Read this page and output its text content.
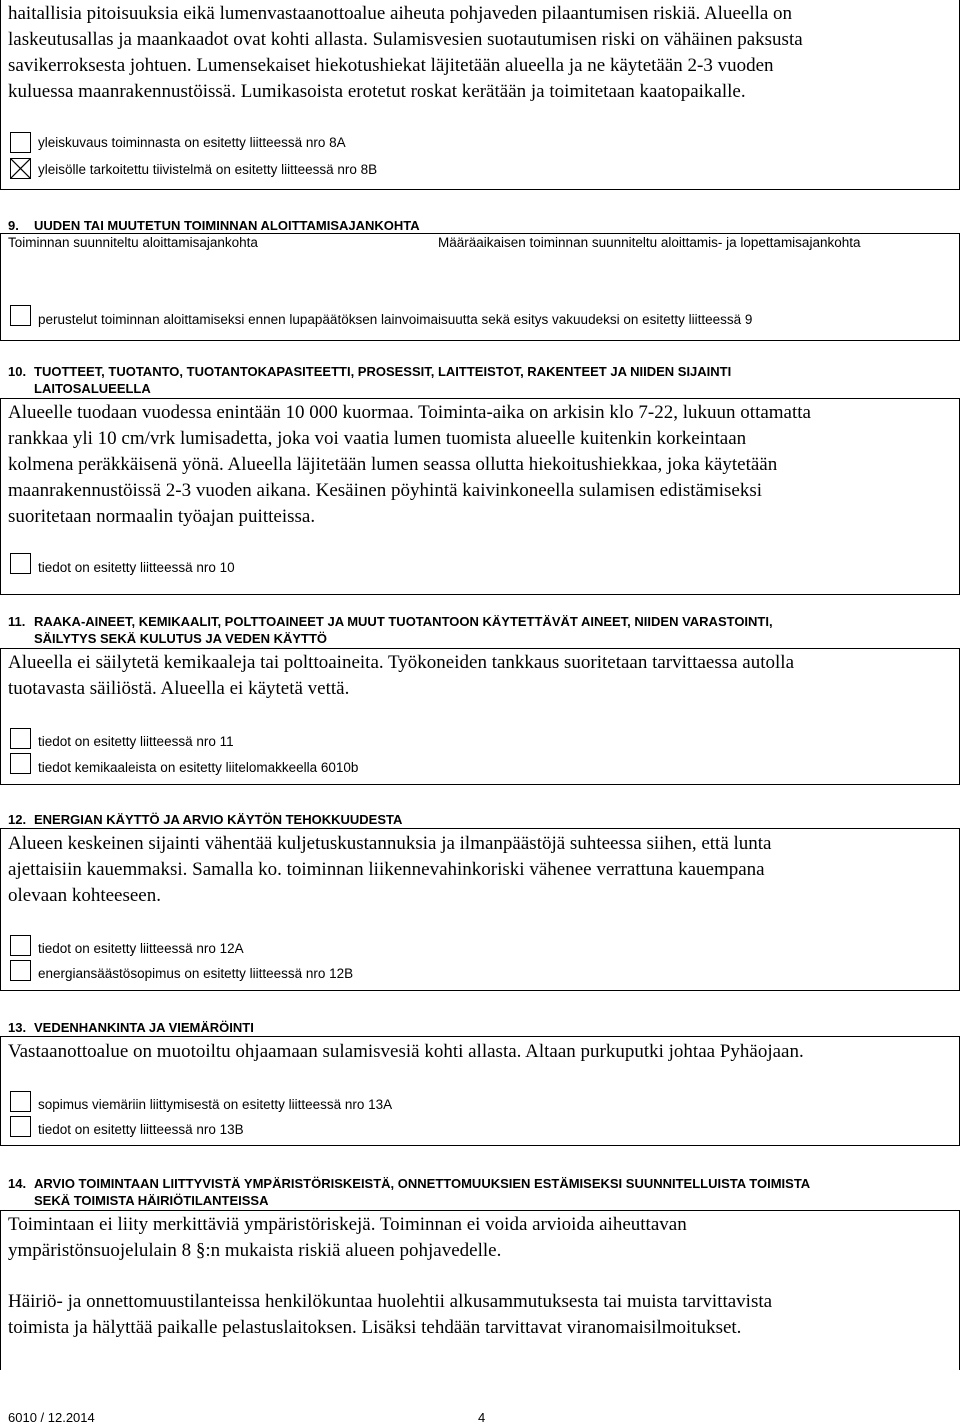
haitallisia pitoisuuksia eikä lumenvastaanottoalue aiheuta pohjaveden pilaantumisen riskiä. Alueella on
laskeutusallas ja maankaadot ovat kohti allasta. Sulamisvesien suotautumisen riski on vähäinen paksusta
savikerroksesta johtuen. Lumensekaiset hiekotushiekat läjitetään alueella ja ne käytetään 2-3 vuoden
kuluessa maanrakennustöissä. Lumikasoista erotetut roskat kerätään ja toimitetaan kaatopaikalle.
yleiskuvaus toiminnasta on esitetty liitteessä nro 8A
yleisölle tarkoitettu tiivistelmä on esitetty liitteessä nro 8B
9. UUDEN TAI MUUTETUN TOIMINNAN ALOITTAMISAJANKOHTA
Toiminnan suunniteltu aloittamisajankohta	Määräaikaisen toiminnan suunniteltu aloittamis- ja lopettamisajankohta
perustelut toiminnan aloittamiseksi ennen lupapäätöksen lainvoimaisuutta sekä esitys vakuudeksi on esitetty liitteessä 9
10. TUOTTEET, TUOTANTO, TUOTANTOKAPASITEETTI, PROSESSIT, LAITTEISTOT, RAKENTEET JA NIIDEN SIJAINTI
LAITOSALUEELLA
Alueelle tuodaan vuodessa enintään 10 000 kuormaa. Toiminta-aika on arkisin klo 7-22, lukuun ottamatta
rankkaa yli 10 cm/vrk lumisadetta, joka voi vaatia lumen tuomista alueelle kuitenkin korkeintaan
kolmena peräkkäisenä yönä. Alueella läjitetään lumen seassa ollutta hiekoitushiekkaa, joka käytetään
maanrakennustöissä 2-3 vuoden aikana. Kesäinen pöyhintä kaivinkoneella sulamisen edistämiseksi
suoritetaan normaalin työajan puitteissa.
tiedot on esitetty liitteessä nro 10
11. RAAKA-AINEET, KEMIKAALIT, POLTTOAINEET JA MUUT TUOTANTOON KÄYTETTÄVÄT AINEET, NIIDEN VARASTOINTI,
SÄILYTYS SEKÄ KULUTUS JA VEDEN KÄYTTÖ
Alueella ei säilytetä kemikaaleja tai polttoaineita. Työkoneiden tankkaus suoritetaan tarvittaessa autolla
tuotavasta säiliöstä. Alueella ei käytetä vettä.
tiedot on esitetty liitteessä nro 11
tiedot kemikaaleista on esitetty liitelomakkeella 6010b
12. ENERGIAN KÄYTTÖ JA ARVIO KÄYTÖN TEHOKKUUDESTA
Alueen keskeinen sijainti vähentää kuljetuskustannuksia ja ilmanpäästöjä suhteessa siihen, että lunta
ajettaisiin kauemmaksi. Samalla ko. toiminnan liikennevahinkoriski vähenee verrattuna kauempana
olevaan kohteeseen.
tiedot on esitetty liitteessä nro 12A
energiansäästösopimus on esitetty liitteessä nro 12B
13. VEDENHANKINTA JA VIEMÄRÖINTI
Vastaanottoalue on muotoiltu ohjaamaan sulamisvesiä kohti allasta. Altaan purkuputki johtaa Pyhäojaan.
sopimus viemäriin liittymisestä on esitetty liitteessä nro 13A
tiedot on esitetty liitteessä nro 13B
14. ARVIO TOIMINTAAN LIITTYVISTÄ YMPÄRISTÖRISKEISTÄ, ONNETTOMUUKSIEN ESTÄMISEKSI SUUNNITELLUISTA TOIMISTA
SEKÄ TOIMISTA HÄIRIÖTILANTEISSA
Toimintaan ei liity merkittäviä ympäristöriskejä. Toiminnan ei voida arvioida aiheuttavan
ympäristönsuojelulain 8 §:n mukaista riskiä alueen pohjavedelle.
Häiriö- ja onnettomuustilanteissa henkilökuntaa huolehtii alkusammutuksesta tai muista tarvittavista
toimista ja hälyttää paikalle pelastuslaitoksen. Lisäksi tehdään tarvittavat viranomaisilmoitukset.
6010 / 12.2014	4
